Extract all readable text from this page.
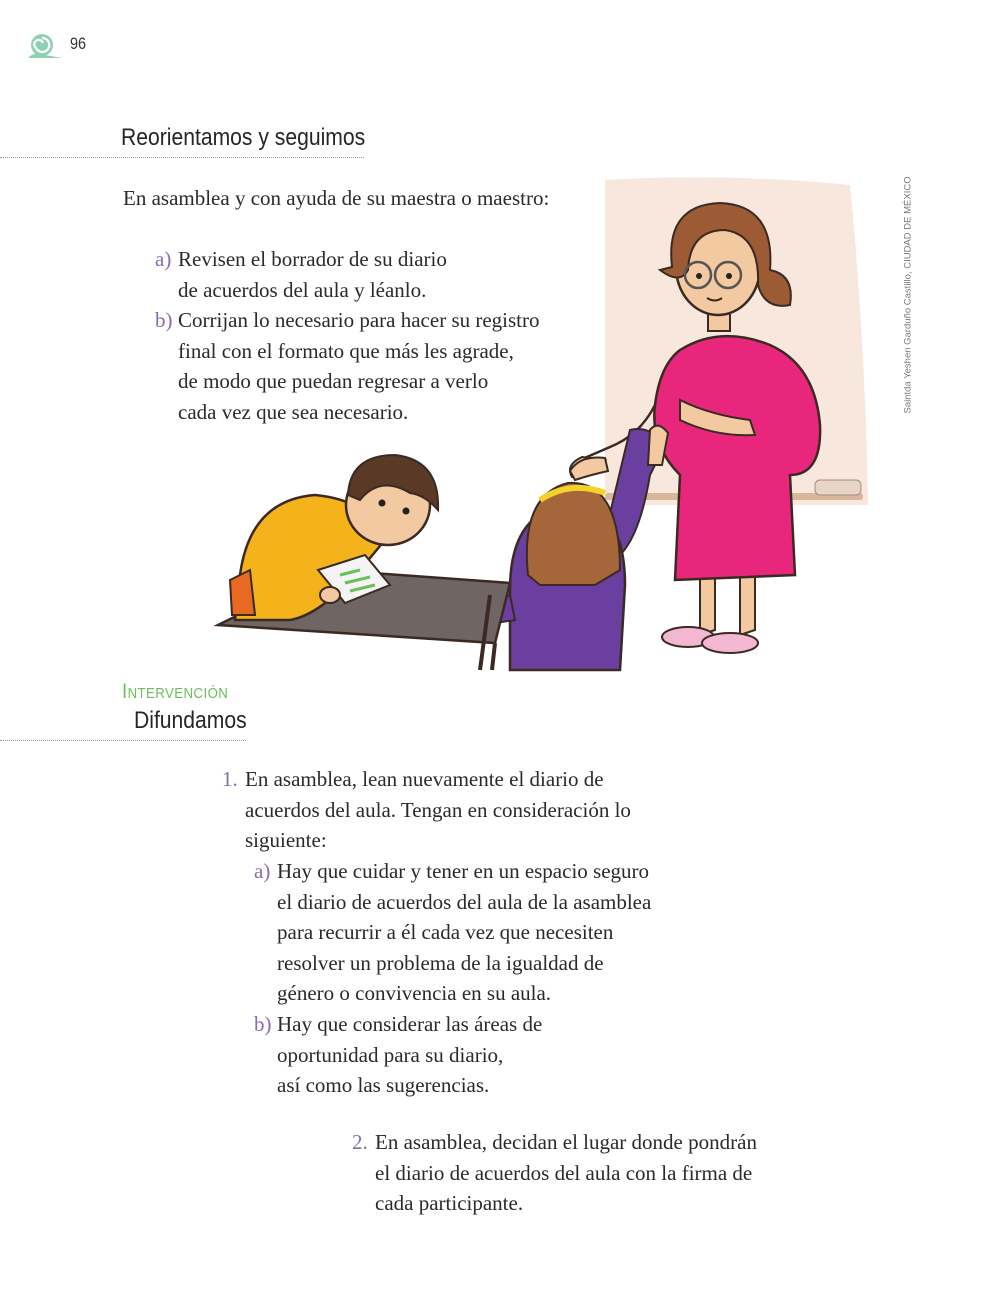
96
Reorientamos y seguimos
En asamblea y con ayuda de su maestra o maestro:
a) Revisen el borrador de su diario
de acuerdos del aula y léanlo.
b) Corrijan lo necesario para hacer su registro
final con el formato que más les agrade,
de modo que puedan regresar a verlo
cada vez que sea necesario.	Saintda Yeshen Garduño Castillo, CIUDAD DE MÉXICO
Intervención
Difundamos
1. En asamblea, lean nuevamente el diario de
acuerdos del aula. Tengan en consideración lo
siguiente:
a) Hay que cuidar y tener en un espacio seguro
el diario de acuerdos del aula de la asamblea
para recurrir a él cada vez que necesiten
resolver un problema de la igualdad de
género o convivencia en su aula.
b) Hay que considerar las áreas de
oportunidad para su diario,
así como las sugerencias.
2. En asamblea, decidan el lugar donde pondrán
el diario de acuerdos del aula con la firma de
cada participante.
